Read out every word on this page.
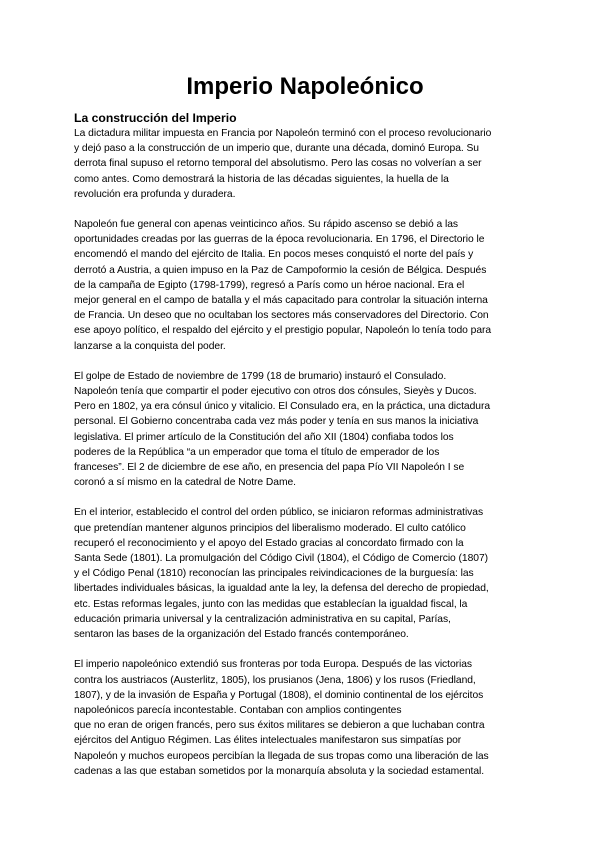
Imperio Napoleónico
La construcción del Imperio

La dictadura militar impuesta en Francia por Napoleón terminó con el proceso revolucionario
y dejó paso a la construcción de un imperio que, durante una década, dominó Europa. Su
derrota final supuso el retorno temporal del absolutismo. Pero las cosas no volverían a ser
como antes. Como demostrará la historia de las décadas siguientes, la huella de la
revolución era profunda y duradera.

Napoleón fue general con apenas veinticinco años. Su rápido ascenso se debió a las
oportunidades creadas por las guerras de la época revolucionaria. En 1796, el Directorio le
encomendó el mando del ejército de Italia. En pocos meses conquistó el norte del país y
derrotó a Austria, a quien impuso en la Paz de Campoformio la cesión de Bélgica. Después
de la campaña de Egipto (1798-1799), regresó a París como un héroe nacional. Era el
mejor general en el campo de batalla y el más capacitado para controlar la situación interna
de Francia. Un deseo que no ocultaban los sectores más conservadores del Directorio. Con
ese apoyo político, el respaldo del ejército y el prestigio popular, Napoleón lo tenía todo para
lanzarse a la conquista del poder.

El golpe de Estado de noviembre de 1799 (18 de brumario) instauró el Consulado.
Napoleón tenía que compartir el poder ejecutivo con otros dos cónsules, Sieyès y Ducos.
Pero en 1802, ya era cónsul único y vitalicio. El Consulado era, en la práctica, una dictadura
personal. El Gobierno concentraba cada vez más poder y tenía en sus manos la iniciativa
legislativa. El primer artículo de la Constitución del año XII (1804) confiaba todos los
poderes de la República “a un emperador que toma el título de emperador de los
franceses”. El 2 de diciembre de ese año, en presencia del papa Pío VII Napoleón I se
coronó a sí mismo en la catedral de Notre Dame.

En el interior, establecido el control del orden público, se iniciaron reformas administrativas
que pretendían mantener algunos principios del liberalismo moderado. El culto católico
recuperó el reconocimiento y el apoyo del Estado gracias al concordato firmado con la
Santa Sede (1801). La promulgación del Código Civil (1804), el Código de Comercio (1807)
y el Código Penal (1810) reconocían las principales reivindicaciones de la burguesía: las
libertades individuales básicas, la igualdad ante la ley, la defensa del derecho de propiedad,
etc. Estas reformas legales, junto con las medidas que establecían la igualdad fiscal, la
educación primaria universal y la centralización administrativa en su capital, Parías,
sentaron las bases de la organización del Estado francés contemporáneo.

El imperio napoleónico extendió sus fronteras por toda Europa. Después de las victorias
contra los austriacos (Austerlitz, 1805), los prusianos (Jena, 1806) y los rusos (Friedland,
1807), y de la invasión de España y Portugal (1808), el dominio continental de los ejércitos
napoleónicos parecía incontestable. Contaban con amplios contingentes
que no eran de origen francés, pero sus éxitos militares se debieron a que luchaban contra
ejércitos del Antiguo Régimen. Las élites intelectuales manifestaron sus simpatías por
Napoleón y muchos europeos percibían la llegada de sus tropas como una liberación de las
cadenas a las que estaban sometidos por la monarquía absoluta y la sociedad estamental.
